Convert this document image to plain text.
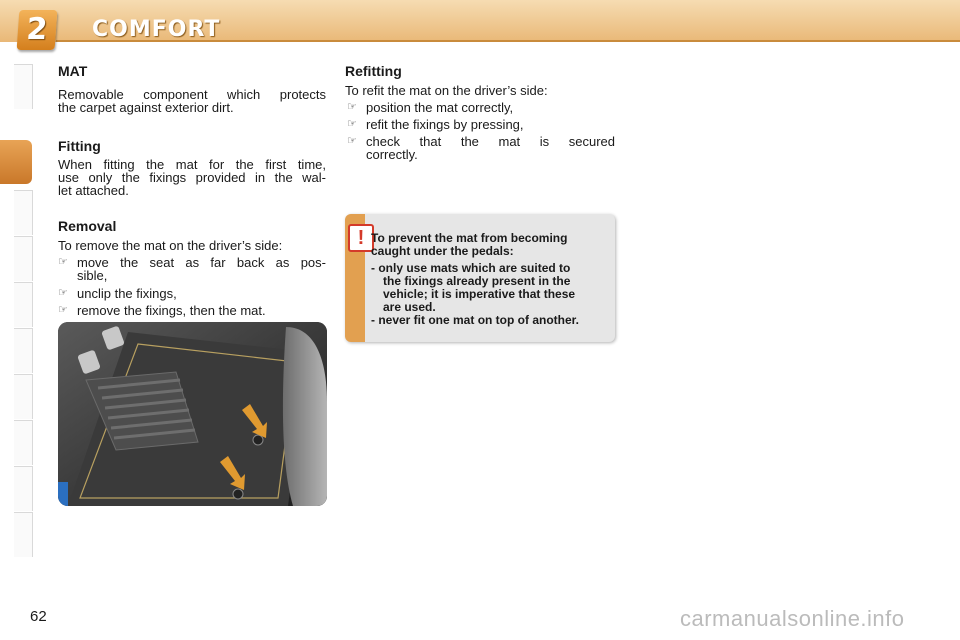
2	COMFORT
MAT
Removable component which protects
the carpet against exterior dirt.
Fitting
When fitting the mat for the first time,
use only the fixings provided in the wal-
let attached.
Removal

To remove the mat on the driver’s side:

☞ move the seat as far back as pos-
sible,
☞ unclip the fixings,
☞ remove the fixings, then the mat.
Refitting

To refit the mat on the driver’s side:

☞ position the mat correctly,
☞ refit the fixings by pressing,
☞ check that the mat is secured
correctly.
! To prevent the mat from becoming
caught under the pedals:
- only use mats which are suited to
the fixings already present in the
vehicle; it is imperative that these
are used.
- never fit one mat on top of another.
62	carmanualsonline.info
